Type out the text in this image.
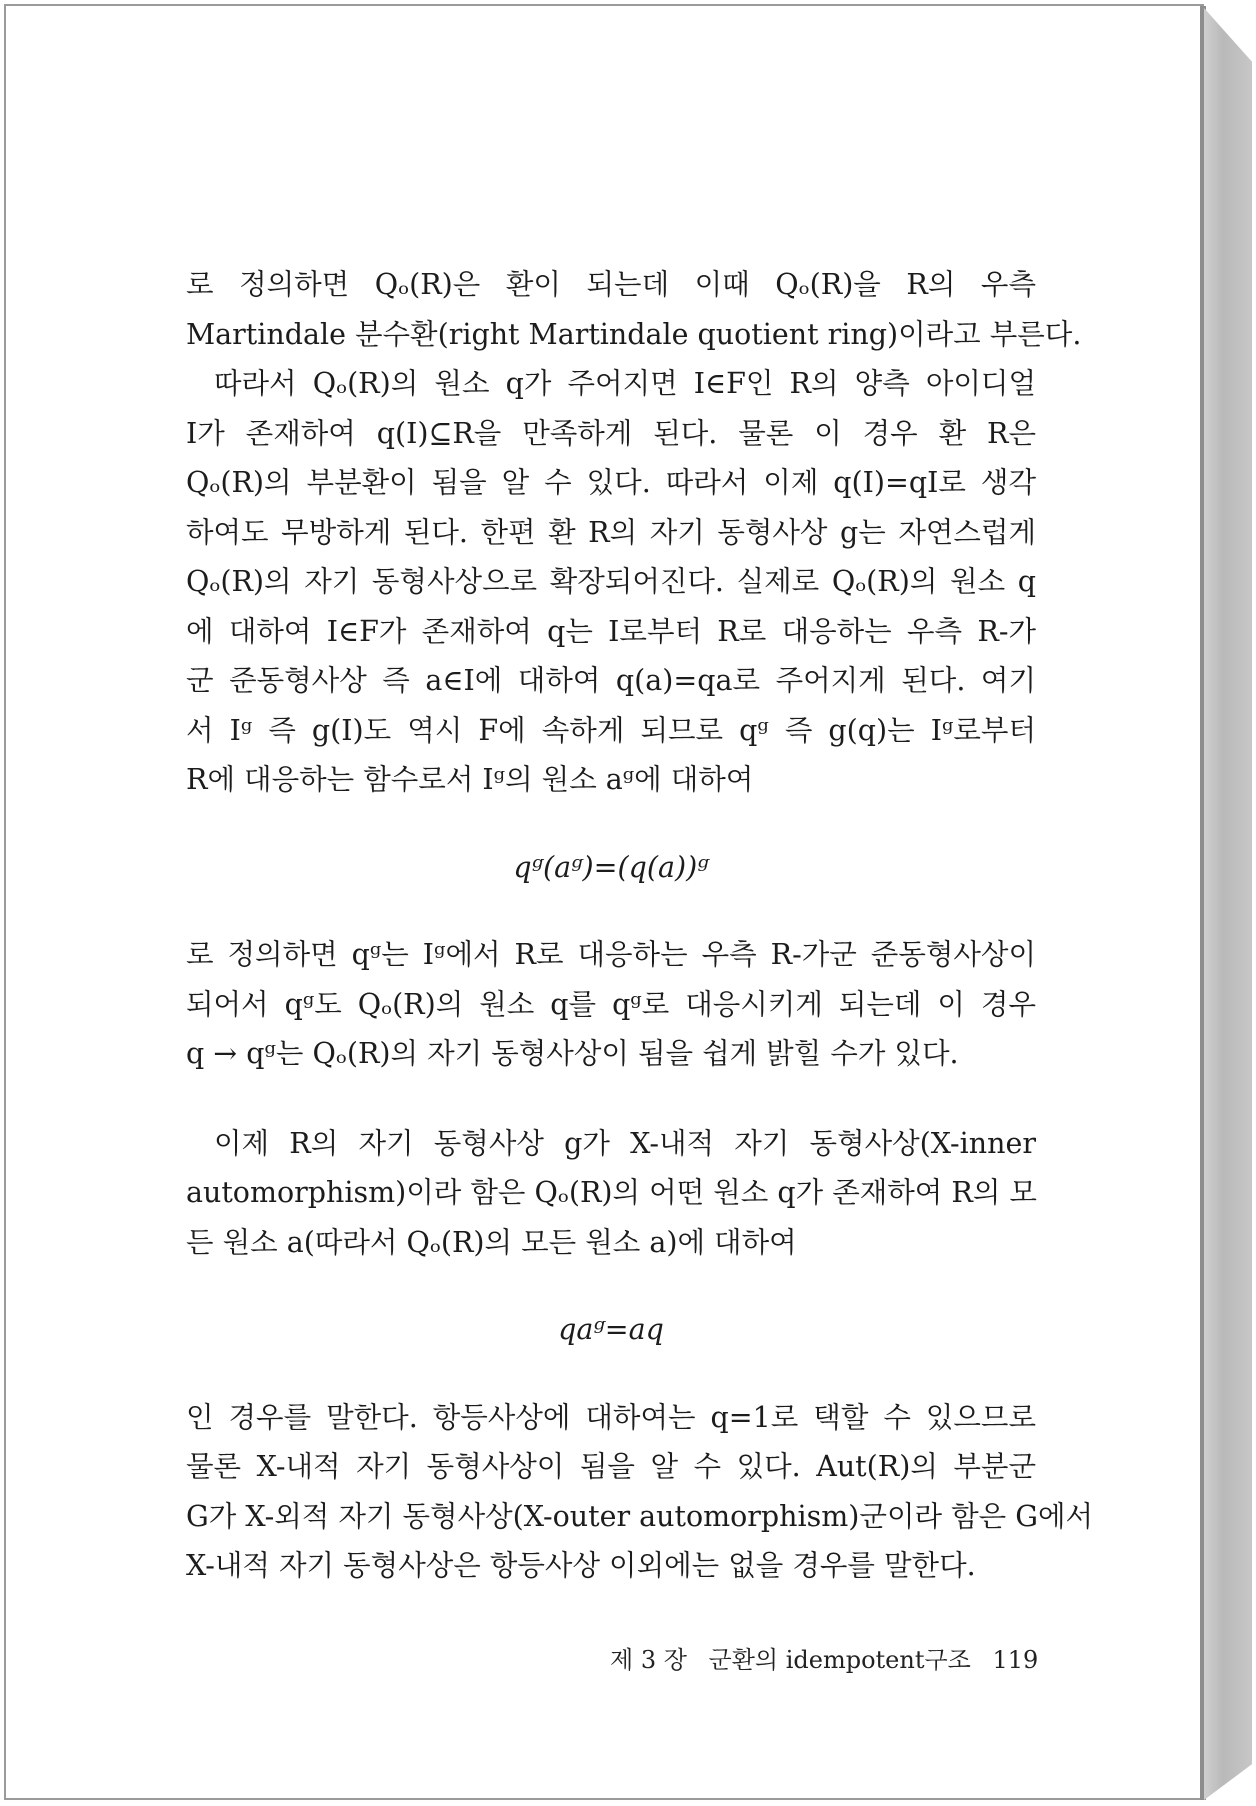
로 정의하면 Qₒ(R)은 환이 되는데 이때 Qₒ(R)을 R의 우측
Martindale 분수환(right Martindale quotient ring)이라고 부른다.
따라서 Qₒ(R)의 원소 q가 주어지면 I∈F인 R의 양측 아이디얼
I가 존재하여 q(I)⊆R을 만족하게 된다. 물론 이 경우 환 R은
Qₒ(R)의 부분환이 됨을 알 수 있다. 따라서 이제 q(I)=qI로 생각
하여도 무방하게 된다. 한편 환 R의 자기 동형사상 g는 자연스럽게
Qₒ(R)의 자기 동형사상으로 확장되어진다. 실제로 Qₒ(R)의 원소 q
에 대하여 I∈F가 존재하여 q는 I로부터 R로 대응하는 우측 R-가
군 준동형사상 즉 a∈I에 대하여 q(a)=qa로 주어지게 된다. 여기
서 Iᵍ 즉 g(I)도 역시 F에 속하게 되므로 qᵍ 즉 g(q)는 Iᵍ로부터
R에 대응하는 함수로서 Iᵍ의 원소 aᵍ에 대하여
qᵍ(aᵍ)=(q(a))ᵍ
로 정의하면 qᵍ는 Iᵍ에서 R로 대응하는 우측 R-가군 준동형사상이
되어서 qᵍ도 Qₒ(R)의 원소 q를 qᵍ로 대응시키게 되는데 이 경우
q → qᵍ는 Qₒ(R)의 자기 동형사상이 됨을 쉽게 밝힐 수가 있다.
이제 R의 자기 동형사상 g가 X-내적 자기 동형사상(X-inner
automorphism)이라 함은 Qₒ(R)의 어떤 원소 q가 존재하여 R의 모
든 원소 a(따라서 Qₒ(R)의 모든 원소 a)에 대하여
qaᵍ=aq
인 경우를 말한다. 항등사상에 대하여는 q=1로 택할 수 있으므로
물론 X-내적 자기 동형사상이 됨을 알 수 있다. Aut(R)의 부분군
G가 X-외적 자기 동형사상(X-outer automorphism)군이라 함은 G에서
X-내적 자기 동형사상은 항등사상 이외에는 없을 경우를 말한다.
제 3 장 군환의 idempotent구조 119
